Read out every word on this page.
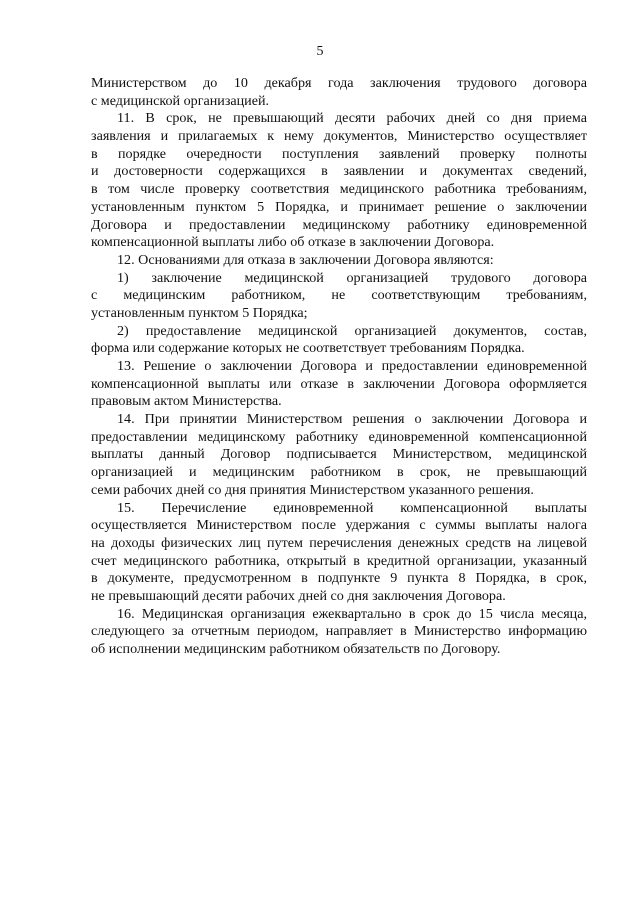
5
Министерством до 10 декабря года заключения трудового договора
с медицинской организацией.
11. В срок, не превышающий десяти рабочих дней со дня приема
заявления и прилагаемых к нему документов, Министерство осуществляет
в порядке очередности поступления заявлений проверку полноты
и достоверности содержащихся в заявлении и документах сведений,
в том числе проверку соответствия медицинского работника требованиям,
установленным пунктом 5 Порядка, и принимает решение о заключении
Договора и предоставлении медицинскому работнику единовременной
компенсационной выплаты либо об отказе в заключении Договора.
12. Основаниями для отказа в заключении Договора являются:
1) заключение медицинской организацией трудового договора
с медицинским работником, не соответствующим требованиям,
установленным пунктом 5 Порядка;
2) предоставление медицинской организацией документов, состав,
форма или содержание которых не соответствует требованиям Порядка.
13. Решение о заключении Договора и предоставлении единовременной
компенсационной выплаты или отказе в заключении Договора оформляется
правовым актом Министерства.
14. При принятии Министерством решения о заключении Договора и
предоставлении медицинскому работнику единовременной компенсационной
выплаты данный Договор подписывается Министерством, медицинской
организацией и медицинским работником в срок, не превышающий
семи рабочих дней со дня принятия Министерством указанного решения.
15. Перечисление единовременной компенсационной выплаты
осуществляется Министерством после удержания с суммы выплаты налога
на доходы физических лиц путем перечисления денежных средств на лицевой
счет медицинского работника, открытый в кредитной организации, указанный
в документе, предусмотренном в подпункте 9 пункта 8 Порядка, в срок,
не превышающий десяти рабочих дней со дня заключения Договора.
16. Медицинская организация ежеквартально в срок до 15 числа месяца,
следующего за отчетным периодом, направляет в Министерство информацию
об исполнении медицинским работником обязательств по Договору.
